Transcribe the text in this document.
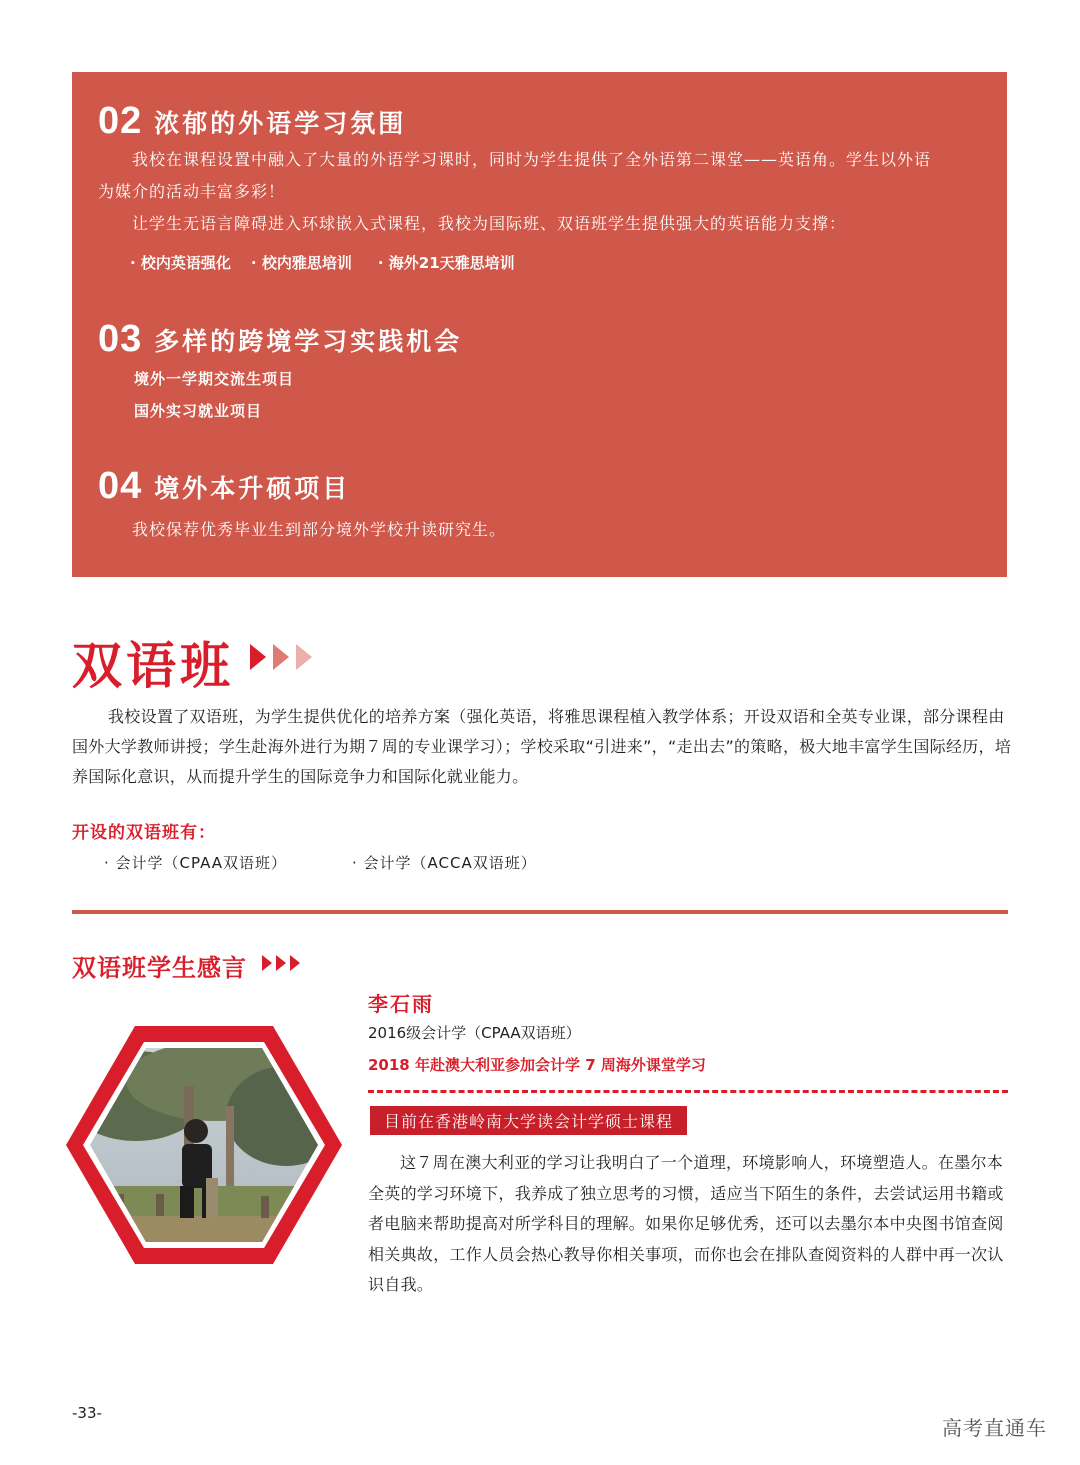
02 浓郁的外语学习氛围
我校在课程设置中融入了大量的外语学习课时，同时为学生提供了全外语第二课堂——英语角。学生以外语
为媒介的活动丰富多彩！
让学生无语言障碍进入环球嵌入式课程，我校为国际班、双语班学生提供强大的英语能力支撑：
· 校内英语强化 · 校内雅思培训 · 海外21天雅思培训
03 多样的跨境学习实践机会
境外一学期交流生项目
国外实习就业项目
04 境外本升硕项目
我校保荐优秀毕业生到部分境外学校升读研究生。
双语班
我校设置了双语班，为学生提供优化的培养方案（强化英语，将雅思课程植入教学体系；开设双语和全英专业课，部分课程由国外大学教师讲授；学生赴海外进行为期７周的专业课学习）；学校采取“引进来”，“走出去”的策略，极大地丰富学生国际经历，培养国际化意识，从而提升学生的国际竞争力和国际化就业能力。
开设的双语班有：
· 会计学（CPAA双语班）	· 会计学（ACCA双语班）
双语班学生感言
李石雨
2016级会计学（CPAA双语班）
2018 年赴澳大利亚参加会计学 7 周海外课堂学习
目前在香港岭南大学读会计学硕士课程
这７周在澳大利亚的学习让我明白了一个道理，环境影响人，环境塑造人。在墨尔本全英的学习环境下，我养成了独立思考的习惯，适应当下陌生的条件，去尝试运用书籍或者电脑来帮助提高对所学科目的理解。如果你足够优秀，还可以去墨尔本中央图书馆查阅相关典故，工作人员会热心教导你相关事项，而你也会在排队查阅资料的人群中再一次认识自我。
-33-
高考直通车
